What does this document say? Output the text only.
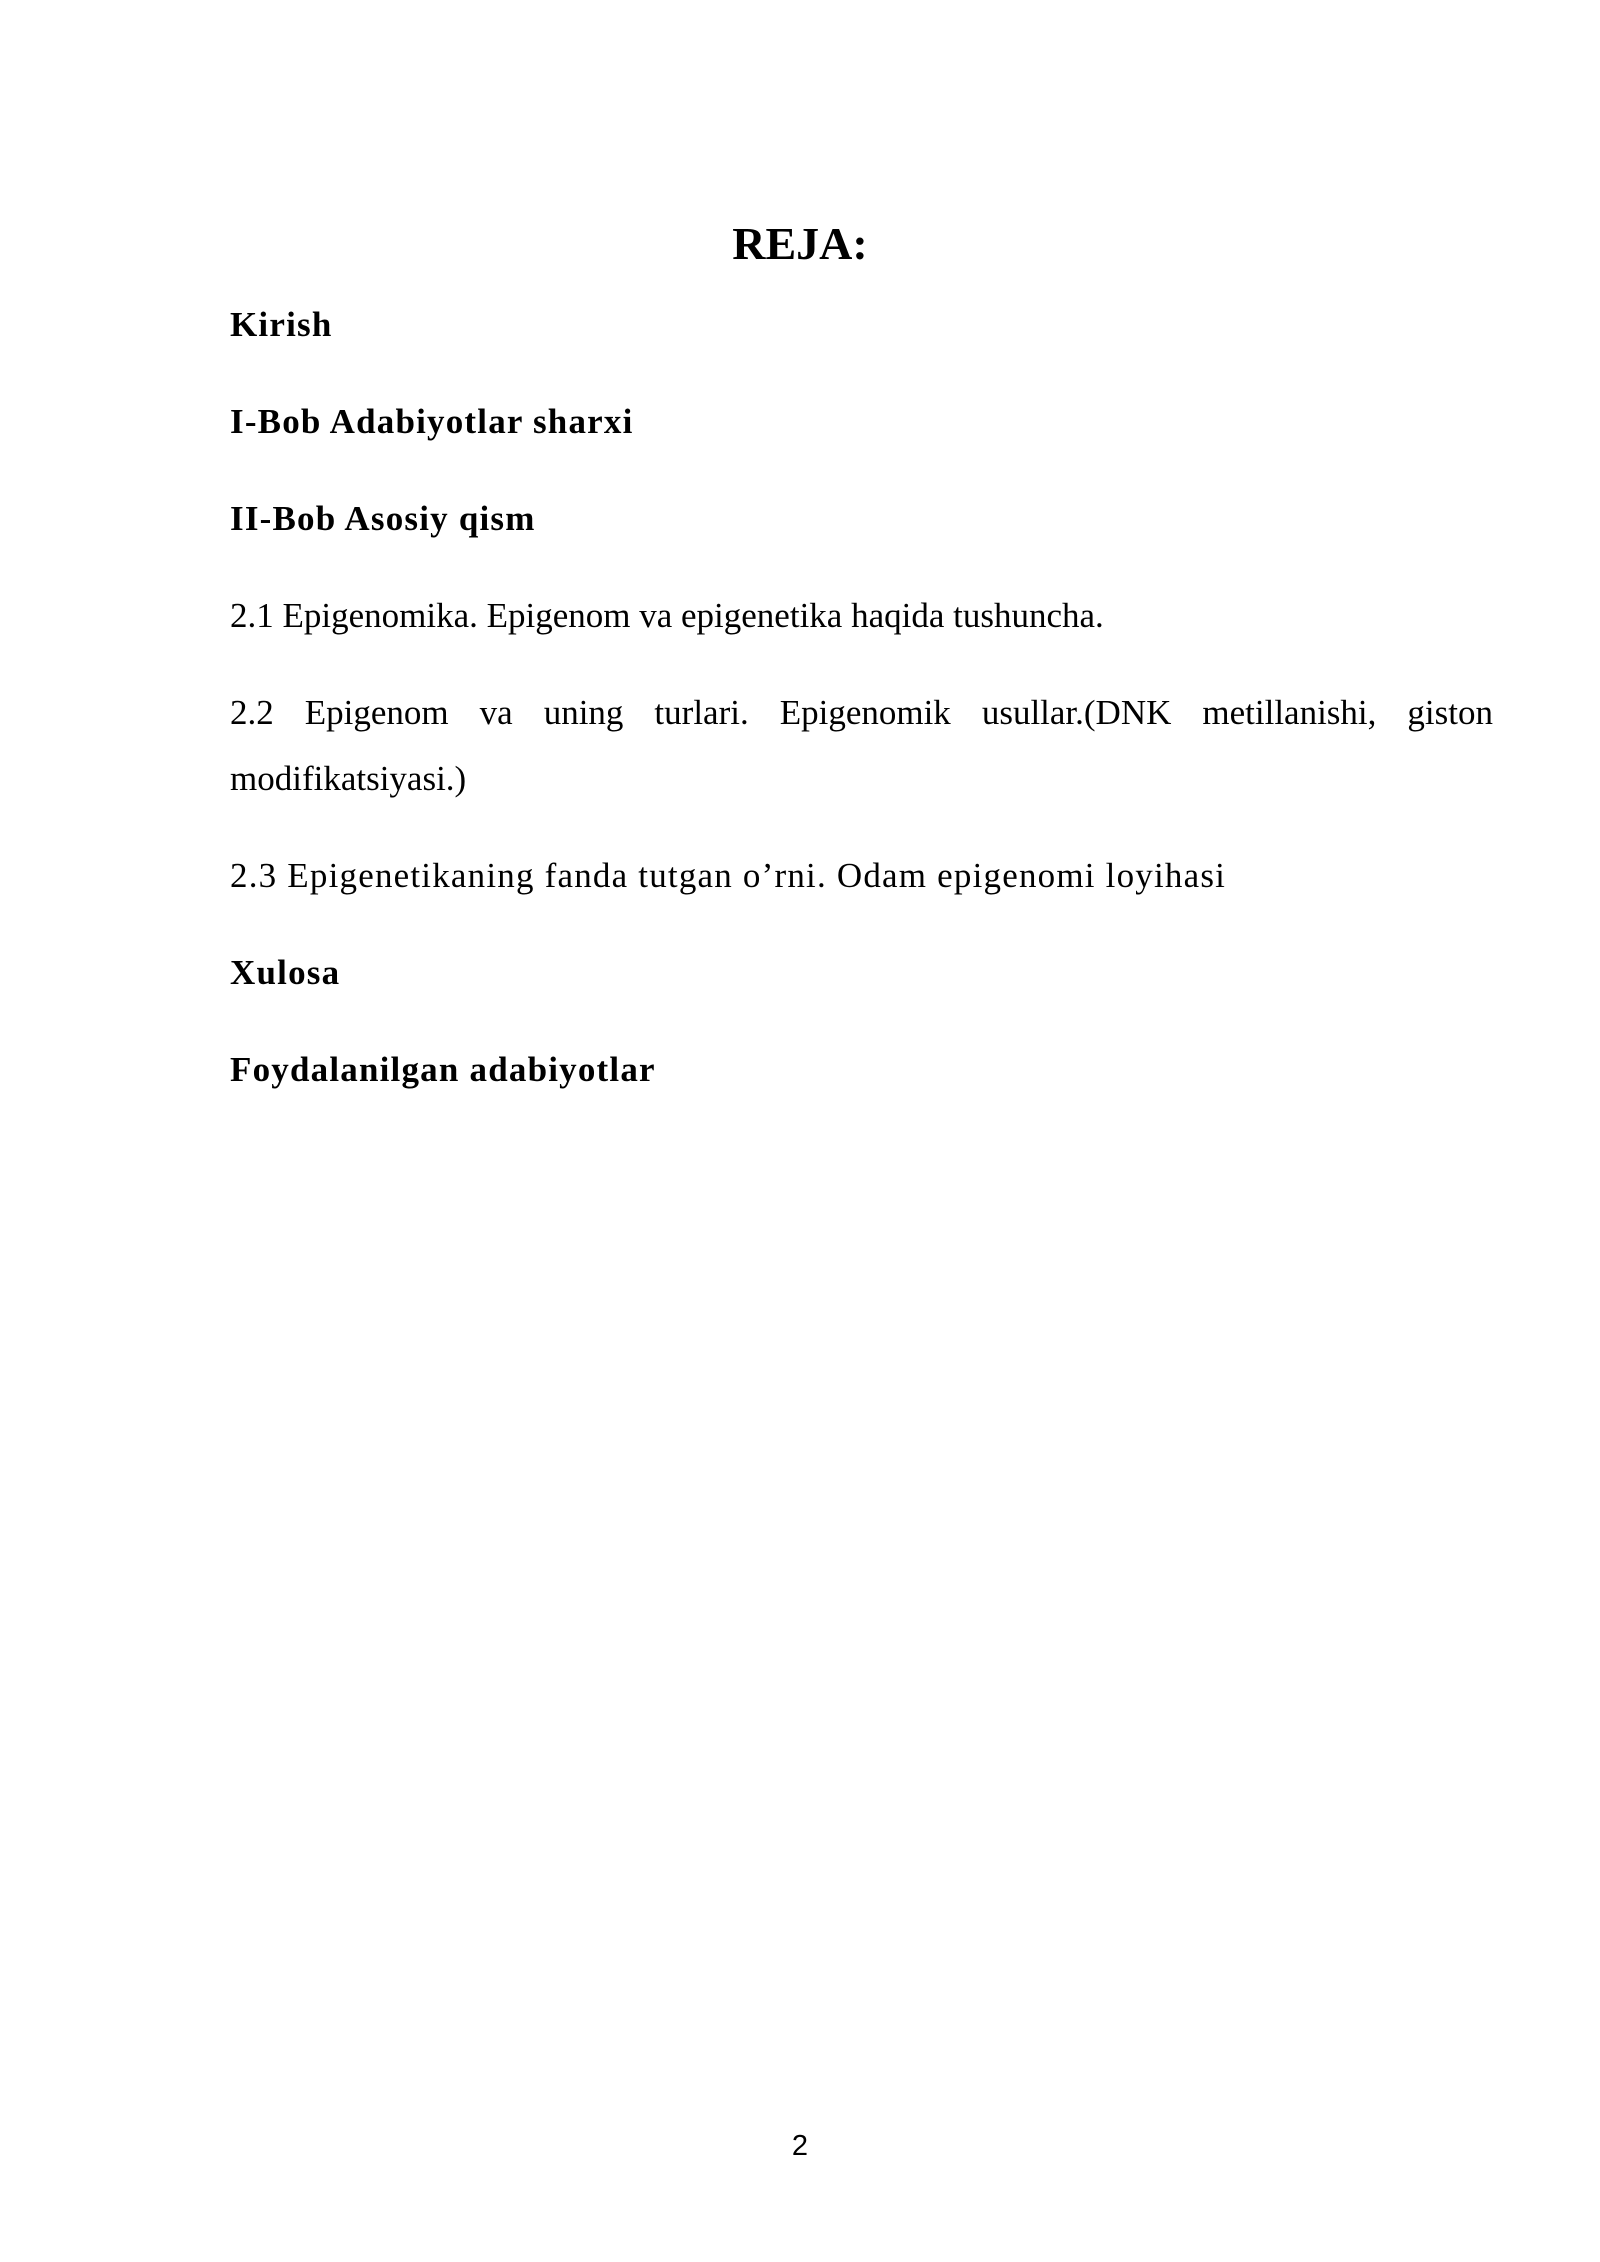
REJA:

Kirish

I-Bob Adabiyotlar sharxi

II-Bob Asosiy qism

2.1 Epigenomika. Epigenom va epigenetika haqida tushuncha.

2.2 Epigenom va uning turlari. Epigenomik usullar.(DNK metillanishi, giston
modifikatsiyasi.)

2.3 Epigenetikaning fanda tutgan o’rni. Odam epigenomi loyihasi

Xulosa

Foydalanilgan adabiyotlar

2
